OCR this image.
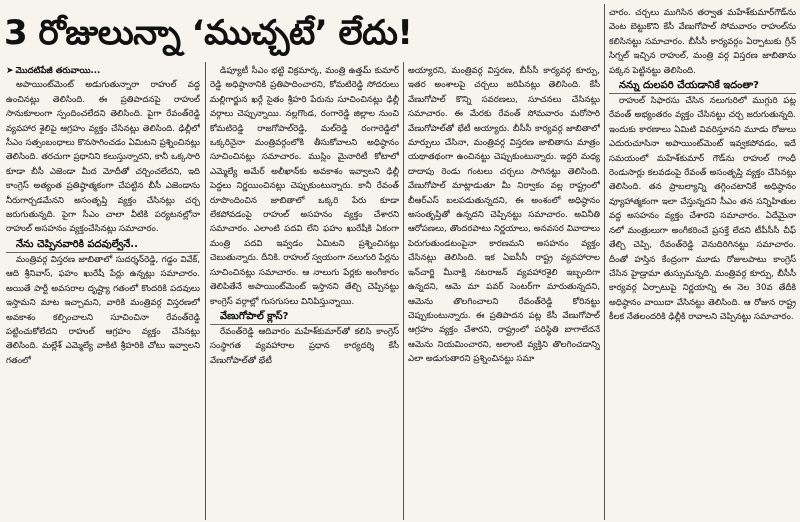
3 రోజులున్నా ‘ముచ్చటే’ లేదు!

➤ మొదటిపేజీ తరువాయి...

అపాయింట్‌మెంట్ అడుగుతున్నారా రాహుల్ వద్ద ఉంచినట్లు తెలిసింది. ఈ ప్రతిపాదనపై రాహుల్ సానుకూలంగా స్పందించలేదని తెలిసింది. పైగా రేవంత్‌రెడ్డి వ్యవహార శైలిపై ఆగ్రహం వ్యక్తం చేసినట్లు తెలిసింది. ఢిల్లీలో సీఎం సత్సంబంధాలు కొనసాగించడం ఏమిటని ప్రశ్నించినట్లు తెలిసింది. తరచుగా ప్రధానిని కలుస్తున్నారని, కానీ ఒక్కసారి కూడా బీసీ ఎజెండా మీద మోదీతో చర్చించలేదని, ఇది కాంగ్రెస్ అత్యంత ప్రతిష్ఠాత్మకంగా చేపట్టిన బీసీ ఎజెండాను నీరుగార్చడమేనని అసంతృప్తి వ్యక్తం చేసినట్లు చర్చ జరుగుతున్నది. పైగా సీఎం చాలా వీటికి పర్యటనల్లోనా రాహుల్ అసహనం వ్యక్తంచేసినట్లు సమాచారం.

నేను చెప్పినవారికి పదవుల్వేనే..

మంత్రివర్గ విస్తరణ జాబితాలో సుదర్శన్‌రెడ్డి, గడ్డం వివేక్, ఆది శ్రీనివాస్, ఫహం ఖురేషీ పేర్లు ఉన్నట్లు సమాచారం. అయితే పార్టీ అవసరాల దృష్ట్యా గతంలో కొందరికి పదవులు ఇస్తామని మాట ఇచ్చామని, వారికి మంత్రివర్గ విస్తరణలో అవకాశం కల్పించాలని సూచించినా రేవంత్‌రెడ్డి పట్టించుకోలేదని రాహుల్ ఆగ్రహం వ్యక్తం చేసినట్లు తెలిసింది. మల్లేశ్ ఎమ్మెల్యే వాకిటి శ్రీహరికి చోటు ఇవ్వాలని గతంలో

డిప్యూటీ సీఎం భట్టి విక్రమార్క, మంత్రి ఉత్తమ్ కుమార్ రెడ్డి అధిష్ఠానానికి ప్రతిపాదించారని, కోమటిరెడ్డి సోదరులు మల్లిగార్జున ఖర్గే సైతం శ్రీహరి పేరును సూచించినట్లు ఢిల్లీ వర్గాలు చెప్పున్నాయి. నల్లగొండ, రంగారెడ్డి జిల్లాల నుంచి కోమటిరెడ్డి రాజగోపాల్‌రెడ్డి, మల్‌రెడ్డి రంగారెడ్డిలో ఒక్కరినైనా మంత్రివర్గంలోకి తీసుకోవాలని అధిష్ఠానం సూచించినట్లు సమాచారం. ముస్లిం మైనారిటీ కోటాలో ఎమ్మెల్యే అమేర్ అలీఖాన్‌కు అవకాశం ఇవ్వాలని ఢిల్లీ పెద్దలు నిర్ణయించినట్లు చెప్పుకుంటున్నారు. కానీ రేవంత్ రూపొందించిన జాబితాలో ఒక్కరి పేరు కూడా లేకపోవడంపై రాహుల్ అసహనం వ్యక్తం చేశారని సమాచారం. ఎలాంటి పదవి లేని ఫహం ఖురేషీకి ఏకంగా మంత్రి పదవి ఇవ్వడం ఏమిటని ప్రశ్నించినట్లు చెబుతున్నారు. దీనికి. రాహుల్ స్వయంగా నలుగురి పేర్లను సూచించినట్లు సమాచారం. ఆ నాలుగు పేర్లకు అంగీకారం తెలిపితేనే అపాయింట్‌మెంట్ ఇస్తానని తేల్చి చెప్పినట్టు కాంగ్రెస్ వర్గాల్లో గుసగుసలు వినిపిస్తున్నాయి.

వేణుగోపాల్ క్లాస్?

రేవంత్‌రెడ్డి ఆదివారం మహేశ్‌కుమార్‌తో కలిసి కాంగ్రెస్ సంస్థాగత వ్యవహారాల ప్రధాన కార్యదర్శి కేసీ వేణుగోపాల్‌తో భేటీ

అయ్యారని, మంత్రివర్గ విస్తరణ, బీసీసీ కార్యవర్గ కూర్పు, ఇతర అంశాలపై చర్చలు జరిపినట్లు తెలిసింది. కేసీ వేణుగోపాల్ కొన్ని సవరణలు, సూచనలు చేసినట్లు సమాచారం. ఈ మేరకు రేవంత్ సోమవారం మరోసారి వేణుగోపాల్‌తో భేటీ అయ్యారు. బీసీసీ కార్యవర్గ జాబితాలో మార్పులు చేసినా, మంత్రివర్గ విస్తరణ జాబితాను మాత్రం యథాతథంగా ఉంచినట్టు చెప్పుకుంటున్నారు. ఇద్దరి మధ్య దాదాపు రెండు గంటలు చర్చలు సాగినట్టు తెలిసింది. వేణుగోపాల్ మాట్లాడుతూ మీ నిర్వాకం వల్ల రాష్ట్రంలో బీఆర్ఎస్ బలపడుతున్నదని, ఈ అంశంలో అధిష్ఠానం అసంతృప్తితో ఉన్నదని చెప్పినట్టు సమాచారం. అవినీతి ఆరోపణలు, తొందరపాటు నిర్ణయాలు, అనవసర వివాదాలు పెరుగుతుండటంపైనా కారణమని అసహనం వ్యక్తం చేసినట్లు తెలిసింది. ఇక ఏఐసీసీ రాష్ట్ర వ్యవహారాల ఇన్‌చార్జి మీనాక్షి నటరాజన్ వ్యవహారశైలి ఇబ్బందిగా ఉన్నదని, ఆమె మా పవర్ సెంటర్‌గా మారుతున్నదని, ఆమెను తొలగించాలని రేవంత్‌రెడ్డి కోరినట్టు చెప్పుకుంటున్నారు. ఈ ప్రతిపాదన పట్ల కేసీ వేణుగోపాల్ ఆగ్రహం వ్యక్తం చేశారని, రాష్ట్రంలో పరిస్థితి బాగాలేదనే ఆమెను నియమించారని, అలాంటి వ్యక్తిని తొలగించడాన్ని ఎలా అడుగుతారని ప్రశ్నించినట్టు సమా

చారం. చర్చలు ముగిసిన తర్వాత మహేశ్‌కుమార్‌గౌడ్‌ను వెంట బెట్టుకొని కేసీ వేణుగోపాల్ సోమవారం రాహుల్‌ను కలిసినట్టు సమాచారం. బీసీసీ కార్యవర్గం ఏర్పాటుకు గ్రీన్ సిగ్నల్ ఇచ్చిన రాహుల్, మంత్రి వర్గ విస్తరణ జాబితాను పక్కన పెట్టినట్టు తెలిసింది.

నన్ను దులపరి చేయడానికే ఇదంతా?

రాహుల్ సిఫారసు చేసిన నలుగురిలో ముగ్గురి పట్ల రేవంత్ అభ్యంతరం వ్యక్తం చేసినట్టు చర్చ జరుగుతున్నది. ఇందుకు కారణాలు ఏమిటి వివరిస్తూనని మూడు రోజులు ఎదురుచూసినా అపాయింట్‌మెంట్ ఇవ్వకపోవడం, ఇదే సమయంలో మహేశ్‌కుమార్ గౌడ్‌ను రాహుల్ గాంధీ రెండుసార్లు కలవడంపై రేవంత్ అసంతృప్తి వ్యక్తం చేసినట్లు తెలిసింది. తన ప్రాబల్యాన్ని తగ్గించటానికే అధిష్ఠానం వ్యూహాత్మకంగా ఇలా చేస్తున్నదని సీఎం తన సన్నిహితుల వద్ద అసహనం వ్యక్తం చేశారని సమాచారం. ఏదేమైనా నలో మంత్రులుగా అంగీకరించే ప్రసక్తే లేదని టీపీసీసీ చీఫ్ తేల్చి చెప్పి, రేవంత్‌రెడ్డి వెనుదిరిగినట్టు సమాచారం. దీంతో హస్తిన కేంద్రంగా మూడు రోజులపాటు కాంగ్రెస్ చేసిన హైడ్రామా తుస్సుమన్నది. మంత్రివర్గ కూర్పు, బీసీసీ కార్యవర్గ ఏర్పాటుపై నిర్ణయాన్ని ఈ నెల 30వ తేదీకి అధిష్ఠానం వాయిదా వేసినట్టు తెలిసింది. ఆ రోజున రాష్ట్ర కీలక నేతలందరికి ఢిల్లీకి రావాలని చెప్పినట్టు సమాచారం.
